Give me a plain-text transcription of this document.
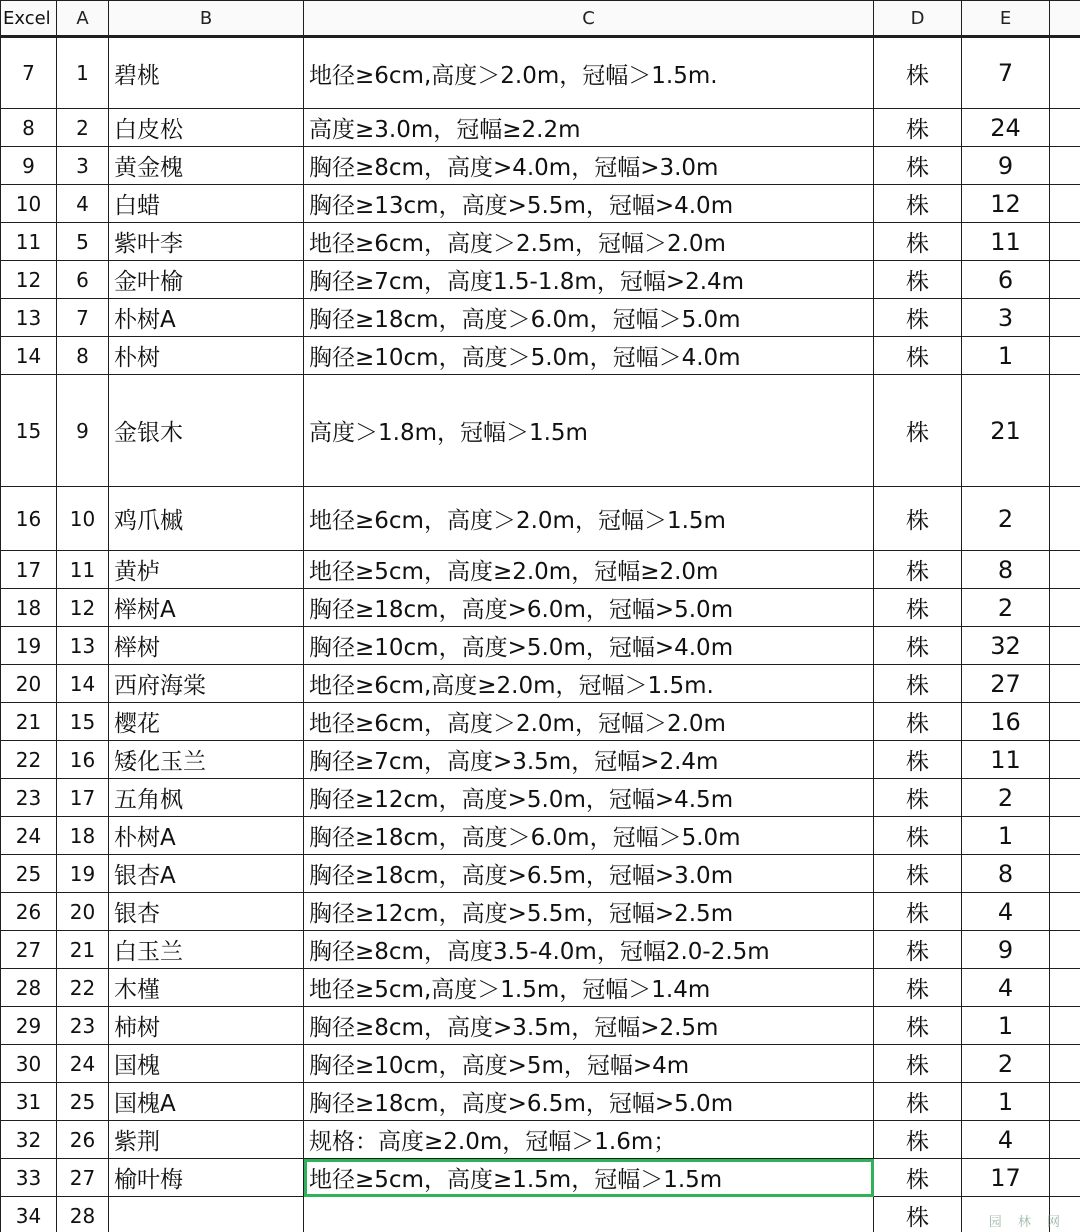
Excel	A	B	C	D	E	
7	1	碧桃	地径≥6cm,高度＞2.0m，冠幅＞1.5m.	株	7	
8	2	白皮松	高度≥3.0m，冠幅≥2.2m	株	24	
9	3	黄金槐	胸径≥8cm，高度>4.0m，冠幅>3.0m	株	9	
10	4	白蜡	胸径≥13cm，高度>5.5m，冠幅>4.0m	株	12	
11	5	紫叶李	地径≥6cm，高度＞2.5m，冠幅＞2.0m	株	11	
12	6	金叶榆	胸径≥7cm，高度1.5-1.8m，冠幅>2.4m	株	6	
13	7	朴树A	胸径≥18cm，高度＞6.0m，冠幅＞5.0m	株	3	
14	8	朴树	胸径≥10cm，高度＞5.0m，冠幅＞4.0m	株	1	
15	9	金银木	高度＞1.8m，冠幅＞1.5m	株	21	
16	10	鸡爪槭	地径≥6cm，高度＞2.0m，冠幅＞1.5m	株	2	
17	11	黄栌	地径≥5cm，高度≥2.0m，冠幅≥2.0m	株	8	
18	12	榉树A	胸径≥18cm，高度>6.0m，冠幅>5.0m	株	2	
19	13	榉树	胸径≥10cm，高度>5.0m，冠幅>4.0m	株	32	
20	14	西府海棠	地径≥6cm,高度≥2.0m，冠幅＞1.5m.	株	27	
21	15	樱花	地径≥6cm，高度＞2.0m，冠幅＞2.0m	株	16	
22	16	矮化玉兰	胸径≥7cm，高度>3.5m，冠幅>2.4m	株	11	
23	17	五角枫	胸径≥12cm，高度>5.0m，冠幅>4.5m	株	2	
24	18	朴树A	胸径≥18cm，高度＞6.0m，冠幅＞5.0m	株	1	
25	19	银杏A	胸径≥18cm，高度>6.5m，冠幅>3.0m	株	8	
26	20	银杏	胸径≥12cm，高度>5.5m，冠幅>2.5m	株	4	
27	21	白玉兰	胸径≥8cm，高度3.5-4.0m，冠幅2.0-2.5m	株	9	
28	22	木槿	地径≥5cm,高度＞1.5m，冠幅＞1.4m	株	4	
29	23	柿树	胸径≥8cm，高度>3.5m，冠幅>2.5m	株	1	
30	24	国槐	胸径≥10cm，高度>5m，冠幅>4m	株	2	
31	25	国槐A	胸径≥18cm，高度>6.5m，冠幅>5.0m	株	1	
32	26	紫荆	规格：高度≥2.0m，冠幅＞1.6m；	株	4	
33	27	榆叶梅	地径≥5cm，高度≥1.5m，冠幅＞1.5m	株	17	
34	28			株			园 林 网
